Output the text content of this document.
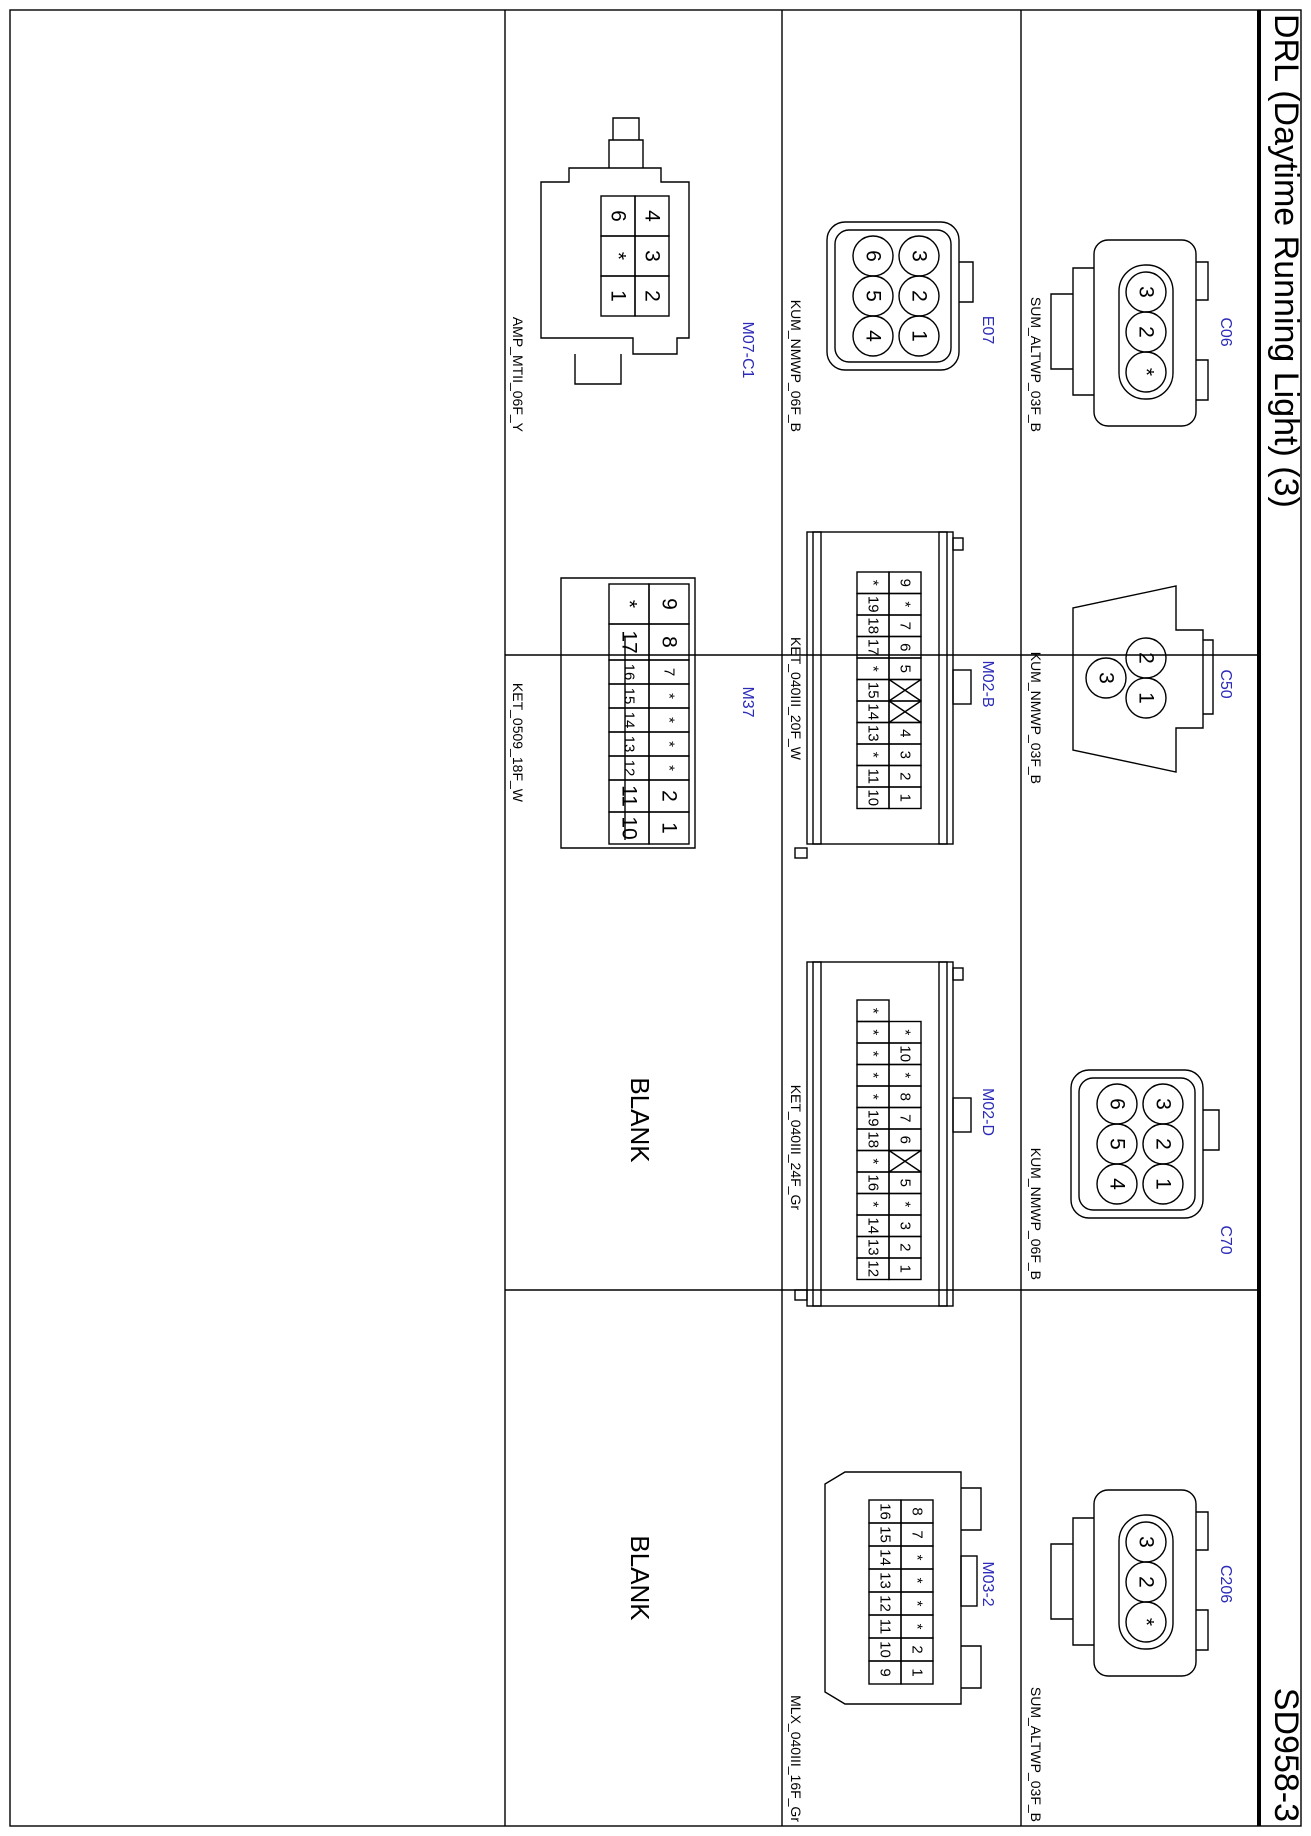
DRL (Daytime Running Light) (3)
SD958-3
C06
3
2
*
SUM_ALTWP_03F_B
C50
2
1
3
KUM_NMWP_03F_B
C70
3
2
1
6
5
4
KUM_NMWP_06F_B
C206
3
2
*
SUM_ALTWP_03F_B
E07
3
2
1
6
5
4
KUM_NMWP_06F_B
M02-B
9
*
7
6
5
4
3
2
1
*
19
18
17
*
15
14
13
*
11
10
KET_040III_20F_W
M02-D
*
*
*
*
*
19
18
*
16
*
14
13
12
*
10
*
8
7
6
5
*
3
2
1
KET_040III_24F_Gr
M03-2
8
7
*
*
*
*
2
1
16
15
14
13
12
11
10
9
MLX_040III_16F_Gr
M07-C1
4
3
2
1
6
*
AMP_MTII_06F_Y
M37
9
8
7
*
*
*
*
2
1
*
17
16
15
14
13
12
11
10
KET_0509_18F_W
BLANK
BLANK
